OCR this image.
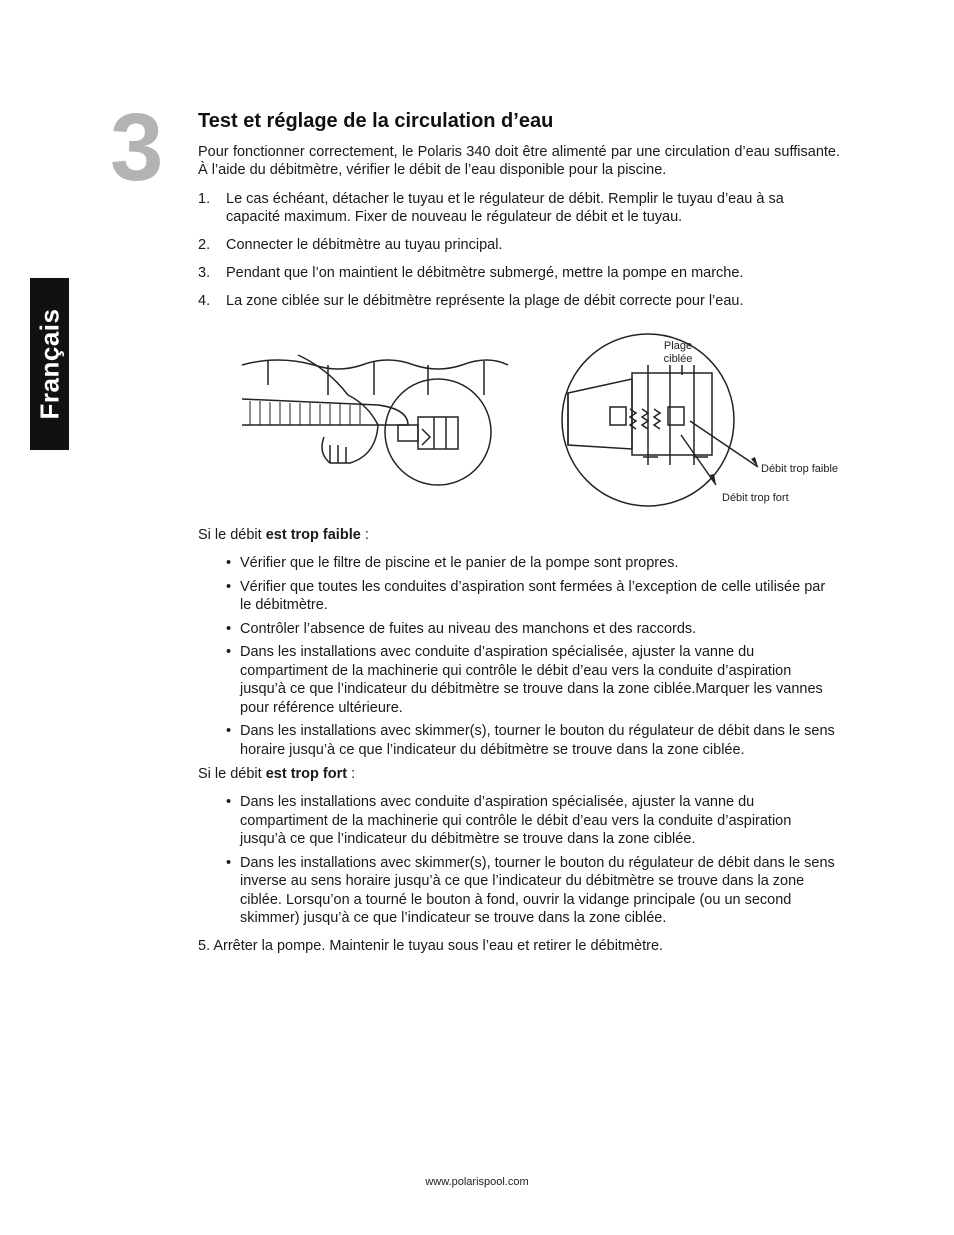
3
Français
Test et réglage de la circulation d’eau

Pour fonctionner correctement, le Polaris 340 doit être alimenté par une circulation d’eau suffisante. À l’aide du débitmètre, vérifier le débit de l’eau disponible pour la piscine.

1. Le cas échéant, détacher le tuyau et le régulateur de débit. Remplir le tuyau d’eau à sa capacité maximum. Fixer de nouveau le régulateur de débit et le tuyau.
2. Connecter le débitmètre au tuyau principal.
3. Pendant que l’on maintient le débitmètre submergé, mettre la pompe en marche.
4. La zone ciblée sur le débitmètre représente la plage de débit correcte pour l’eau.
Plage
ciblée
Débit trop faible
Débit trop fort

Si le débit est trop faible :

• Vérifier que le filtre de piscine et le panier de la pompe sont propres.
• Vérifier que toutes les conduites d’aspiration sont fermées à l’exception de celle utilisée par le débitmètre.
• Contrôler l’absence de fuites au niveau des manchons et des raccords.
• Dans les installations avec conduite d’aspiration spécialisée, ajuster la vanne du compartiment de la machinerie qui contrôle le débit d’eau vers la conduite d’aspiration jusqu’à ce que l’indicateur du débitmètre se trouve dans la zone ciblée.Marquer les vannes pour référence ultérieure.
• Dans les installations avec skimmer(s), tourner le bouton du régulateur de débit dans le sens horaire jusqu’à ce que l’indicateur du débitmètre se trouve dans la zone ciblée.

Si le débit est trop fort :

• Dans les installations avec conduite d’aspiration spécialisée, ajuster la vanne du compartiment de la machinerie qui contrôle le débit d’eau vers la conduite d’aspiration jusqu’à ce que l’indicateur du débitmètre se trouve dans la zone ciblée.
• Dans les installations avec skimmer(s), tourner le bouton du régulateur de débit dans le sens inverse au sens horaire jusqu’à ce que l’indicateur du débitmètre se trouve dans la zone ciblée. Lorsqu’on a tourné le bouton à fond, ouvrir la vidange principale (ou un second skimmer) jusqu’à ce que l’indicateur se trouve dans la zone ciblée.

5. Arrêter la pompe. Maintenir le tuyau sous l’eau et retirer le débitmètre.

www.polarispool.com
